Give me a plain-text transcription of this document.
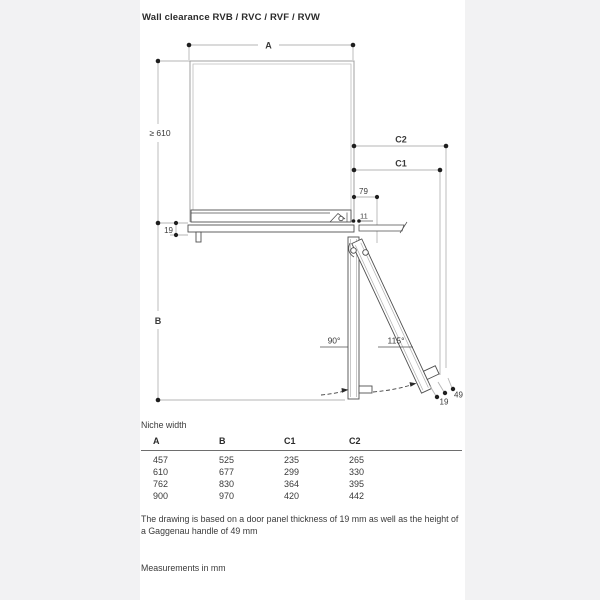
Wall clearance RVB / RVC / RVF / RVW
A
≥ 610
B
19
C2
C1
79
11
90°	115°
19
49
Niche width
A	B	C1	C2
457	525	235	265
610	677	299	330
762	830	364	395
900	970	420	442
The drawing is based on a door panel thickness of 19 mm as well as the height of a Gaggenau handle of 49 mm
Measurements in mm
